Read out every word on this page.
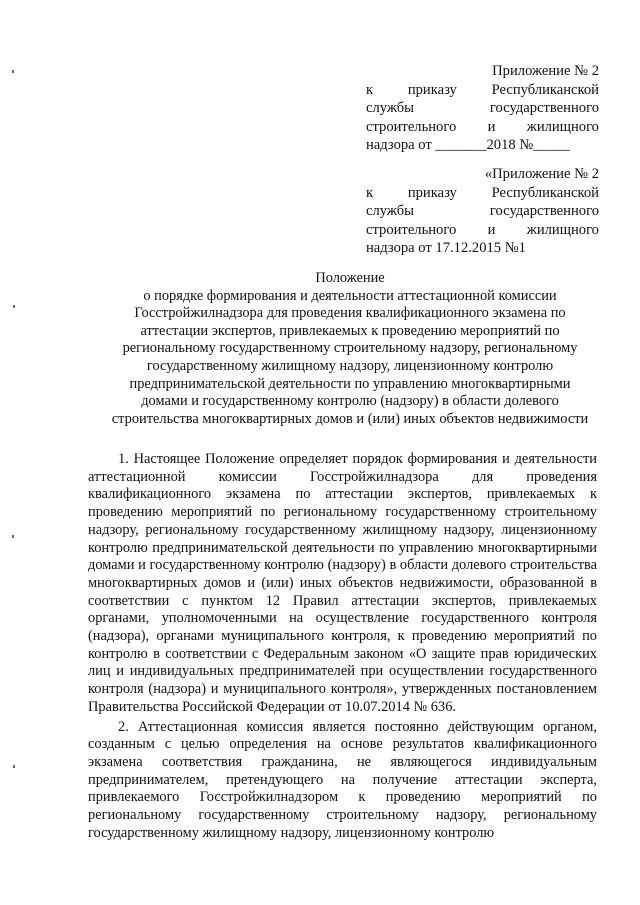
Приложение № 2
к приказу Республиканской
службы	государственного
строительного и жилищного
надзора от _______2018 №_____
«Приложение № 2
к приказу Республиканской
службы	государственного
строительного и жилищного
надзора от 17.12.2015 №1
Положение
о порядке формирования и деятельности аттестационной комиссии
Госстройжилнадзора для проведения квалификационного экзамена по
аттестации экспертов, привлекаемых к проведению мероприятий по
региональному государственному строительному надзору, региональному
государственному жилищному надзору, лицензионному контролю
предпринимательской деятельности по управлению многоквартирными
домами и государственному контролю (надзору) в области долевого
строительства многоквартирных домов и (или) иных объектов недвижимости

1. Настоящее Положение определяет порядок формирования и деятельности аттестационной комиссии Госстройжилнадзора для проведения квалификационного экзамена по аттестации экспертов, привлекаемых к проведению мероприятий по региональному государственному строительному надзору, региональному государственному жилищному надзору, лицензионному контролю предпринимательской деятельности по управлению многоквартирными домами и государственному контролю (надзору) в области долевого строительства многоквартирных домов и (или) иных объектов недвижимости, образованной в соответствии с пунктом 12 Правил аттестации экспертов, привлекаемых органами, уполномоченными на осуществление государственного контроля (надзора), органами муниципального контроля, к проведению мероприятий по контролю в соответствии с Федеральным законом «О защите прав юридических лиц и индивидуальных предпринимателей при осуществлении государственного контроля (надзора) и муниципального контроля», утвержденных постановлением Правительства Российской Федерации от 10.07.2014 № 636.

2. Аттестационная комиссия является постоянно действующим органом, созданным с целью определения на основе результатов квалификационного экзамена соответствия гражданина, не являющегося индивидуальным предпринимателем, претендующего на получение аттестации эксперта, привлекаемого Госстройжилнадзором к проведению мероприятий по региональному государственному строительному надзору, региональному государственному жилищному надзору, лицензионному контролю
